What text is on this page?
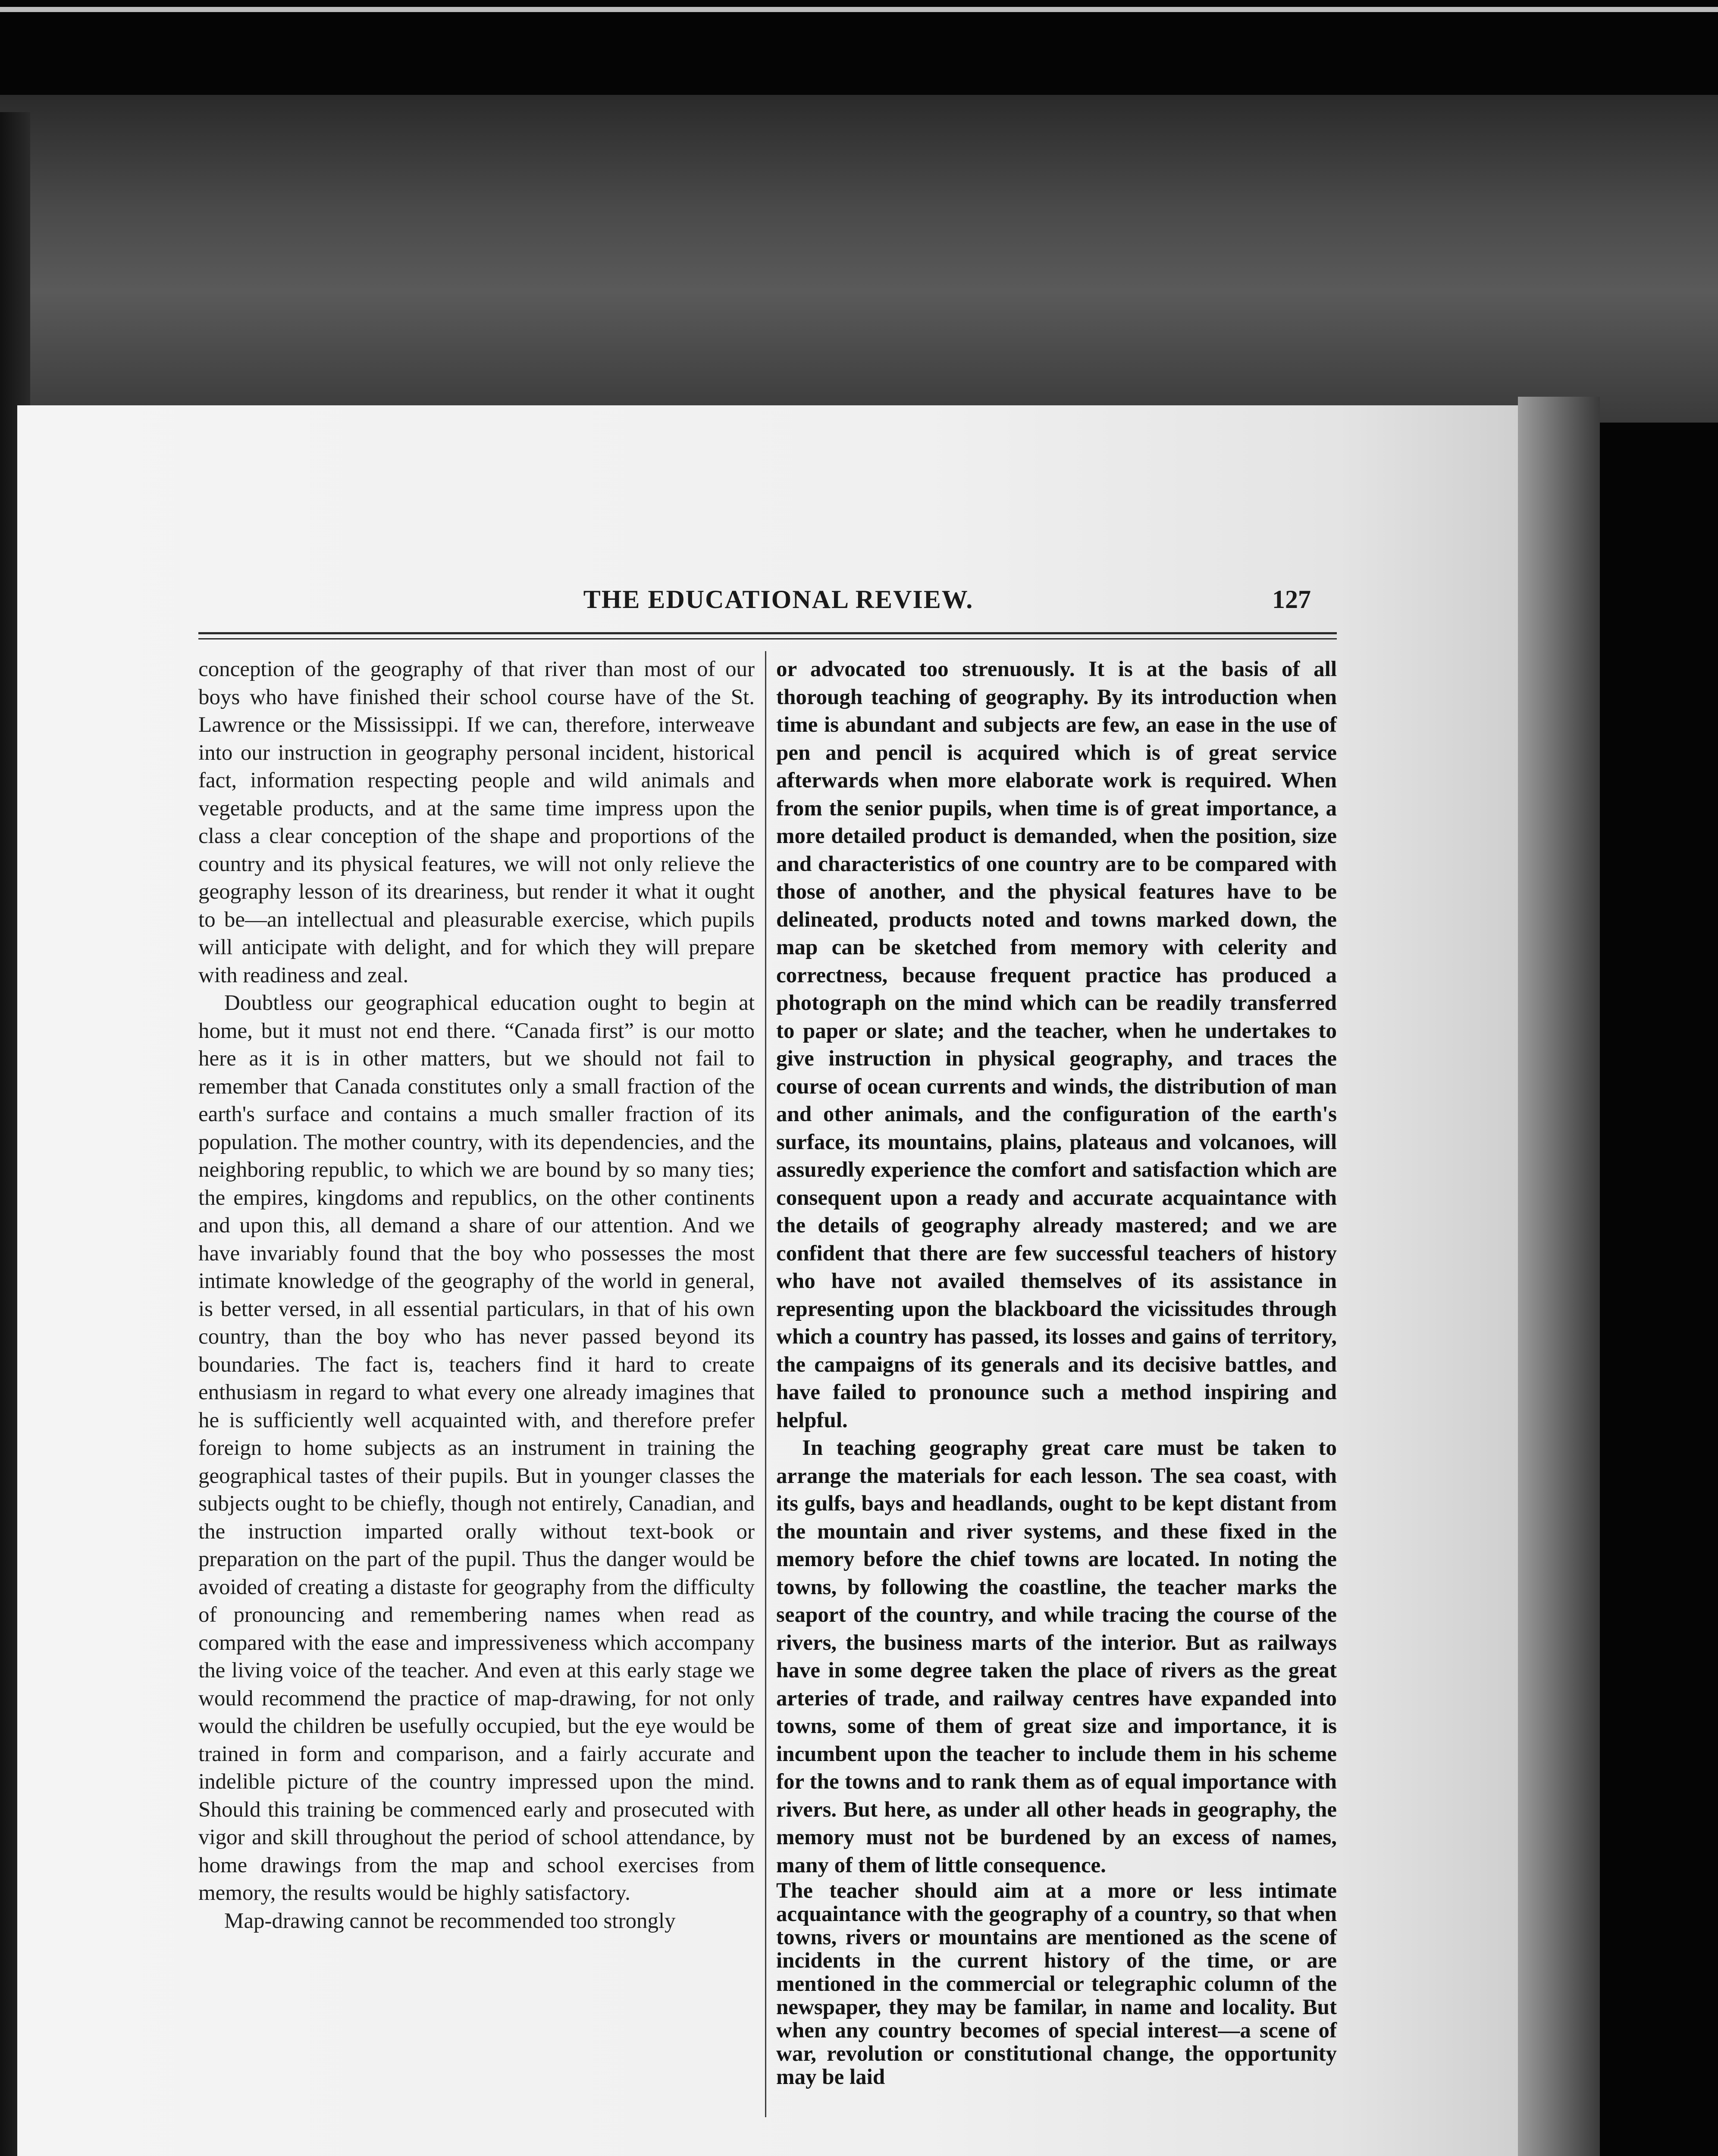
THE EDUCATIONAL REVIEW.	127

conception of the geography of that river than most of our boys who have finished their school course have of the St. Lawrence or the Mississippi. If we can, therefore, interweave into our instruction in geography personal incident, historical fact, information respecting people and wild animals and vegetable products, and at the same time impress upon the class a clear conception of the shape and proportions of the country and its physical features, we will not only relieve the geography lesson of its dreariness, but render it what it ought to be—an intellectual and pleasurable exercise, which pupils will anticipate with delight, and for which they will prepare with readiness and zeal.

Doubtless our geographical education ought to begin at home, but it must not end there. “Canada first” is our motto here as it is in other matters, but we should not fail to remember that Canada constitutes only a small fraction of the earth's surface and contains a much smaller fraction of its population. The mother country, with its dependencies, and the neighboring republic, to which we are bound by so many ties; the empires, kingdoms and republics, on the other continents and upon this, all demand a share of our attention. And we have invariably found that the boy who possesses the most intimate knowledge of the geography of the world in general, is better versed, in all essential particulars, in that of his own country, than the boy who has never passed beyond its boundaries. The fact is, teachers find it hard to create enthusiasm in regard to what every one already imagines that he is sufficiently well acquainted with, and therefore prefer foreign to home subjects as an instrument in training the geographical tastes of their pupils. But in younger classes the subjects ought to be chiefly, though not entirely, Canadian, and the instruction imparted orally without text-book or preparation on the part of the pupil. Thus the danger would be avoided of creating a distaste for geography from the difficulty of pronouncing and remembering names when read as compared with the ease and impressiveness which accompany the living voice of the teacher. And even at this early stage we would recommend the practice of map-drawing, for not only would the children be usefully occupied, but the eye would be trained in form and comparison, and a fairly accurate and indelible picture of the country impressed upon the mind. Should this training be commenced early and prosecuted with vigor and skill throughout the period of school attendance, by home drawings from the map and school exercises from memory, the results would be highly satisfactory.

Map-drawing cannot be recommended too strongly

or advocated too strenuously. It is at the basis of all thorough teaching of geography. By its introduction when time is abundant and subjects are few, an ease in the use of pen and pencil is acquired which is of great service afterwards when more elaborate work is required. When from the senior pupils, when time is of great importance, a more detailed product is demanded, when the position, size and characteristics of one country are to be compared with those of another, and the physical features have to be delineated, products noted and towns marked down, the map can be sketched from memory with celerity and correctness, because frequent practice has produced a photograph on the mind which can be readily transferred to paper or slate; and the teacher, when he undertakes to give instruction in physical geography, and traces the course of ocean currents and winds, the distribution of man and other animals, and the configuration of the earth's surface, its mountains, plains, plateaus and volcanoes, will assuredly experience the comfort and satisfaction which are consequent upon a ready and accurate acquaintance with the details of geography already mastered; and we are confident that there are few successful teachers of history who have not availed themselves of its assistance in representing upon the blackboard the vicissitudes through which a country has passed, its losses and gains of territory, the campaigns of its generals and its decisive battles, and have failed to pronounce such a method inspiring and helpful.

In teaching geography great care must be taken to arrange the materials for each lesson. The sea coast, with its gulfs, bays and headlands, ought to be kept distant from the mountain and river systems, and these fixed in the memory before the chief towns are located. In noting the towns, by following the coastline, the teacher marks the seaport of the country, and while tracing the course of the rivers, the business marts of the interior. But as railways have in some degree taken the place of rivers as the great arteries of trade, and railway centres have expanded into towns, some of them of great size and importance, it is incumbent upon the teacher to include them in his scheme for the towns and to rank them as of equal importance with rivers. But here, as under all other heads in geography, the memory must not be burdened by an excess of names, many of them of little consequence.

The teacher should aim at a more or less intimate acquaintance with the geography of a country, so that when towns, rivers or mountains are mentioned as the scene of incidents in the current history of the time, or are mentioned in the commercial or telegraphic column of the newspaper, they may be familar, in name and locality. But when any country becomes of special interest—a scene of war, revolution or constitutional change, the opportunity may be laid
